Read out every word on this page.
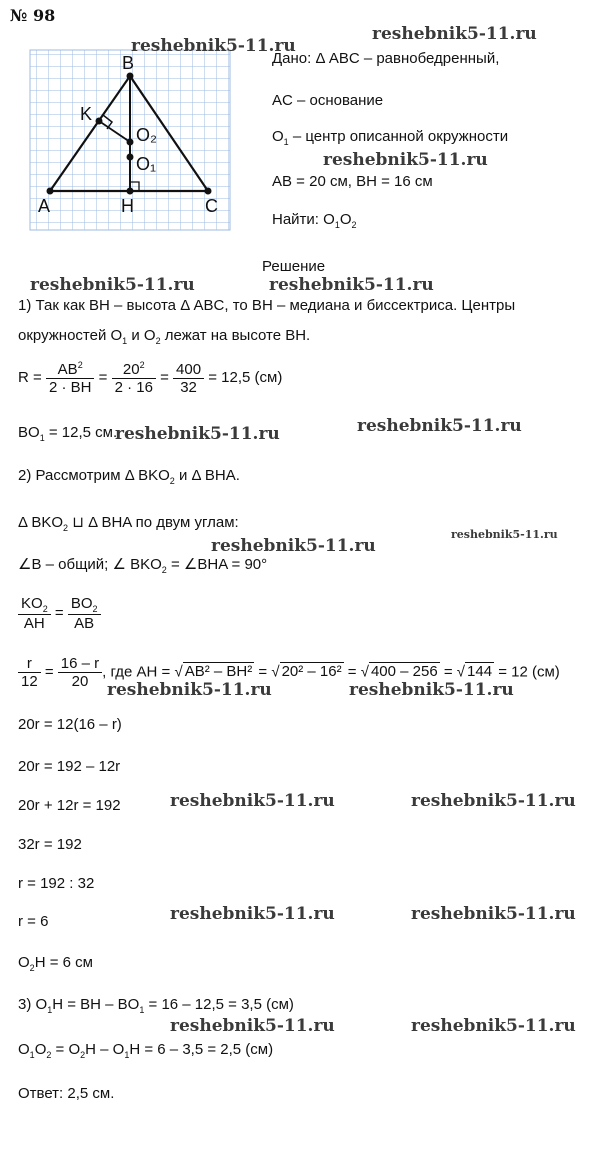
№ 98
B
K
O₂
O₁
A	H	C
Дано: Δ ABC – равнобедренный,
AC – основание
$O_1$ – центр описанной окружности
AB = 20 см, BH = 16 см
Найти: $O_1O_2$
Решение
1) Так как BH – высота Δ ABC, то BH – медиана и биссектриса. Центры
окружностей $O_1$ и $O_2$ лежат на высоте BH.
$R = \frac{AB^2}{2 \cdot BH} = \frac{20^2}{2 \cdot 16} = \frac{400}{32} = 12,5$ (см)
$BO_1 = 12,5$ см.
2) Рассмотрим Δ $BKO_2$ и Δ BHA.
Δ $BKO_2$ ⊔ Δ BHA по двум углам:
∠B – общий; ∠ $BKO_2$ = ∠BHA = 90°
$\frac{KO_2}{AH} = \frac{BO_2}{AB}$
$\frac{r}{12} = \frac{16 - r}{20}$ , где AH = √ AB² – BH² = √ 20² – 16² = √ 400 – 256 = √ 144 = 12 (см)
20r = 12(16 – r)
20r = 192 – 12r
20r + 12r = 192
32r = 192
r = 192 : 32
r = 6
$O_2H = 6$ см
3) $O_1H$ = BH – $BO_1 = 16 - 12,5 = 3,5$ (см)
$O_1O_2 = O_2H - O_1H = 6 - 3,5 = 2,5$ (см)
Ответ: 2,5 см.
reshebnik5-11.ru
reshebnik5-11.ru
reshebnik5-11.ru
reshebnik5-11.ru	reshebnik5-11.ru
reshebnik5-11.ru	reshebnik5-11.ru
reshebnik5-11.ru
reshebnik5-11.ru
reshebnik5-11.ru	reshebnik5-11.ru
reshebnik5-11.ru	reshebnik5-11.ru
reshebnik5-11.ru	reshebnik5-11.ru
reshebnik5-11.ru	reshebnik5-11.ru
